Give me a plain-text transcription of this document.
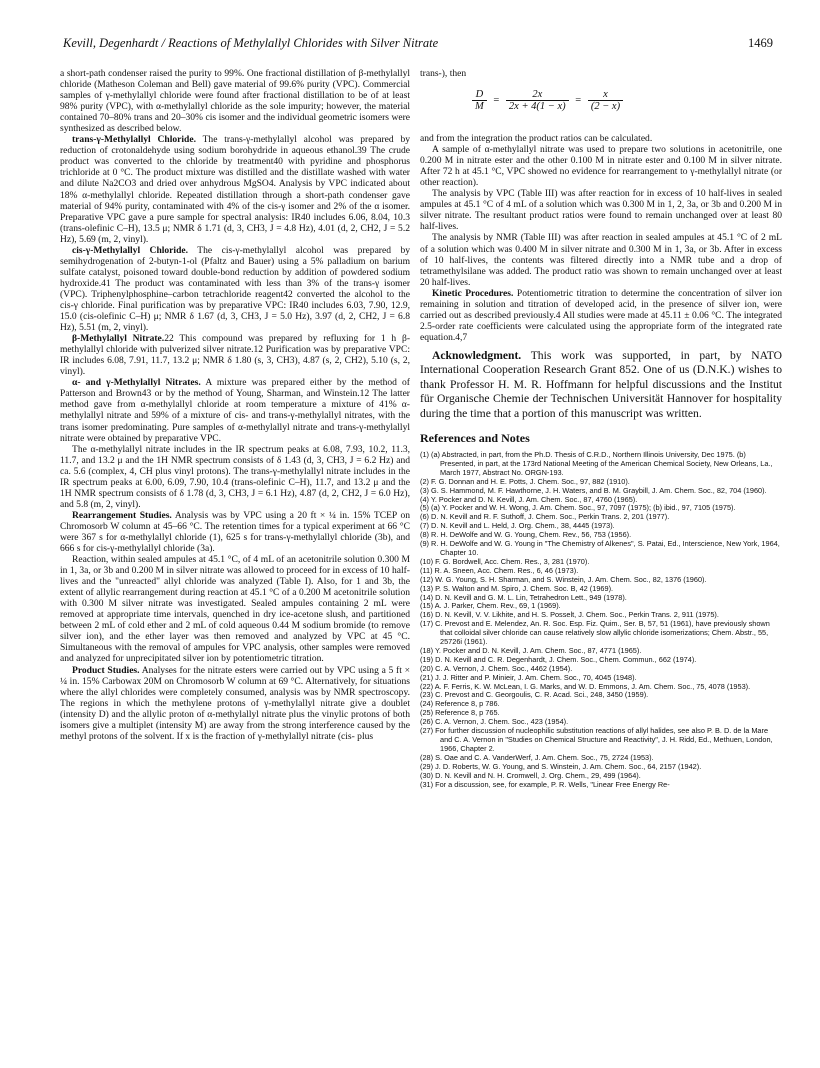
Kevill, Degenhardt / Reactions of Methylallyl Chlorides with Silver Nitrate	1469

a short-path condenser raised the purity to 99%. One fractional distillation of β-methylallyl chloride (Matheson Coleman and Bell) gave material of 99.6% purity (VPC). Commercial samples of γ-methylallyl chloride were found after fractional distillation to be of at least 98% purity (VPC), with α-methylallyl chloride as the sole impurity; however, the material contained 70–80% trans and 20–30% cis isomer and the individual geometric isomers were synthesized as described below.

trans-γ-Methylallyl Chloride. The trans-γ-methylallyl alcohol was prepared by reduction of crotonaldehyde using sodium borohydride in aqueous ethanol.39 The crude product was converted to the chloride by treatment40 with pyridine and phosphorus trichloride at 0 °C. The product mixture was distilled and the distillate washed with water and dilute Na2CO3 and dried over anhydrous MgSO4. Analysis by VPC indicated about 18% α-methylallyl chloride. Repeated distillation through a short-path condenser gave material of 94% purity, contaminated with 4% of the cis-γ isomer and 2% of the α isomer. Preparative VPC gave a pure sample for spectral analysis: IR40 includes 6.06, 8.04, 10.3 (trans-olefinic C–H), 13.5 μ; NMR δ 1.71 (d, 3, CH3, J = 4.8 Hz), 4.01 (d, 2, CH2, J = 5.2 Hz), 5.69 (m, 2, vinyl).

cis-γ-Methylallyl Chloride. The cis-γ-methylallyl alcohol was prepared by semihydrogenation of 2-butyn-1-ol (Pfaltz and Bauer) using a 5% palladium on barium sulfate catalyst, poisoned toward double-bond reduction by addition of powdered sodium hydroxide.41 The product was contaminated with less than 3% of the trans-γ isomer (VPC). Triphenylphosphine–carbon tetrachloride reagent42 converted the alcohol to the cis-γ chloride. Final purification was by preparative VPC: IR40 includes 6.03, 7.90, 12.9, 15.0 (cis-olefinic C–H) μ; NMR δ 1.67 (d, 3, CH3, J = 5.0 Hz), 3.97 (d, 2, CH2, J = 6.8 Hz), 5.51 (m, 2, vinyl).

β-Methylallyl Nitrate.22 This compound was prepared by refluxing for 1 h β-methylallyl chloride with pulverized silver nitrate.12 Purification was by preparative VPC: IR includes 6.08, 7.91, 11.7, 13.2 μ; NMR δ 1.80 (s, 3, CH3), 4.87 (s, 2, CH2), 5.10 (s, 2, vinyl).

α- and γ-Methylallyl Nitrates. A mixture was prepared either by the method of Patterson and Brown43 or by the method of Young, Sharman, and Winstein.12 The latter method gave from α-methylallyl chloride at room temperature a mixture of 41% α-methylallyl nitrate and 59% of a mixture of cis- and trans-γ-methylallyl nitrates, with the trans isomer predominating. Pure samples of α-methylallyl nitrate and trans-γ-methylallyl nitrate were obtained by preparative VPC.

The α-methylallyl nitrate includes in the IR spectrum peaks at 6.08, 7.93, 10.2, 11.3, 11.7, and 13.2 μ and the 1H NMR spectrum consists of δ 1.43 (d, 3, CH3, J = 6.2 Hz) and ca. 5.6 (complex, 4, CH plus vinyl protons). The trans-γ-methylallyl nitrate includes in the IR spectrum peaks at 6.00, 6.09, 7.90, 10.4 (trans-olefinic C–H), 11.7, and 13.2 μ and the 1H NMR spectrum consists of δ 1.78 (d, 3, CH3, J = 6.1 Hz), 4.87 (d, 2, CH2, J = 6.0 Hz), and 5.8 (m, 2, vinyl).

Rearrangement Studies. Analysis was by VPC using a 20 ft × ¼ in. 15% TCEP on Chromosorb W column at 45–66 °C. The retention times for a typical experiment at 66 °C were 367 s for α-methylallyl chloride (1), 625 s for trans-γ-methylallyl chloride (3b), and 666 s for cis-γ-methylallyl chloride (3a).

Reaction, within sealed ampules at 45.1 °C, of 4 mL of an acetonitrile solution 0.300 M in 1, 3a, or 3b and 0.200 M in silver nitrate was allowed to proceed for in excess of 10 half-lives and the "unreacted" allyl chloride was analyzed (Table I). Also, for 1 and 3b, the extent of allylic rearrangement during reaction at 45.1 °C of a 0.200 M acetonitrile solution with 0.300 M silver nitrate was investigated. Sealed ampules containing 2 mL were removed at appropriate time intervals, quenched in dry ice-acetone slush, and partitioned between 2 mL of cold ether and 2 mL of cold aqueous 0.44 M sodium bromide (to remove silver ion), and the ether layer was then removed and analyzed by VPC at 45 °C. Simultaneous with the removal of ampules for VPC analysis, other samples were removed and analyzed for unprecipitated silver ion by potentiometric titration.

Product Studies. Analyses for the nitrate esters were carried out by VPC using a 5 ft × ¼ in. 15% Carbowax 20M on Chromosorb W column at 69 °C. Alternatively, for situations where the allyl chlorides were completely consumed, analysis was by NMR spectroscopy. The regions in which the methylene protons of γ-methylallyl nitrate give a doublet (intensity D) and the allylic proton of α-methylallyl nitrate plus the vinylic protons of both isomers give a multiplet (intensity M) are away from the strong interference caused by the methyl protons of the solvent. If x is the fraction of γ-methylallyl nitrate (cis- plus

trans-), then

$\frac{D}{M} = \frac{2x}{2x + 4(1 - x)} = \frac{x}{(2 - x)}$

and from the integration the product ratios can be calculated.

A sample of α-methylallyl nitrate was used to prepare two solutions in acetonitrile, one 0.200 M in nitrate ester and the other 0.100 M in nitrate ester and 0.100 M in silver nitrate. After 72 h at 45.1 °C, VPC showed no evidence for rearrangement to γ-methylallyl nitrate (or other reaction).

The analysis by VPC (Table III) was after reaction for in excess of 10 half-lives in sealed ampules at 45.1 °C of 4 mL of a solution which was 0.300 M in 1, 2, 3a, or 3b and 0.200 M in silver nitrate. The resultant product ratios were found to remain unchanged over at least 80 half-lives.

The analysis by NMR (Table III) was after reaction in sealed ampules at 45.1 °C of 2 mL of a solution which was 0.400 M in silver nitrate and 0.300 M in 1, 3a, or 3b. After in excess of 10 half-lives, the contents was filtered directly into a NMR tube and a drop of tetramethylsilane was added. The product ratio was shown to remain unchanged over at least 20 half-lives.

Kinetic Procedures. Potentiometric titration to determine the concentration of silver ion remaining in solution and titration of developed acid, in the presence of silver ion, were carried out as described previously.4 All studies were made at 45.11 ± 0.06 °C. The integrated 2.5-order rate coefficients were calculated using the appropriate form of the integrated rate equation.4,7

Acknowledgment. This work was supported, in part, by NATO International Cooperation Research Grant 852. One of us (D.N.K.) wishes to thank Professor H. M. R. Hoffmann for helpful discussions and the Institut für Organische Chemie der Technischen Universität Hannover for hospitality during the time that a portion of this manuscript was written.

References and Notes

(1) (a) Abstracted, in part, from the Ph.D. Thesis of C.R.D., Northern Illinois University, Dec 1975. (b) Presented, in part, at the 173rd National Meeting of the American Chemical Society, New Orleans, La., March 1977, Abstract No. ORGN-193.
(2) F. G. Donnan and H. E. Potts, J. Chem. Soc., 97, 882 (1910).
(3) G. S. Hammond, M. F. Hawthorne, J. H. Waters, and B. M. Graybill, J. Am. Chem. Soc., 82, 704 (1960).
(4) Y. Pocker and D. N. Kevill, J. Am. Chem. Soc., 87, 4760 (1965).
(5) (a) Y. Pocker and W. H. Wong, J. Am. Chem. Soc., 97, 7097 (1975); (b) ibid., 97, 7105 (1975).
(6) D. N. Kevill and R. F. Suthoff, J. Chem. Soc., Perkin Trans. 2, 201 (1977).
(7) D. N. Kevill and L. Held, J. Org. Chem., 38, 4445 (1973).
(8) R. H. DeWolfe and W. G. Young, Chem. Rev., 56, 753 (1956).
(9) R. H. DeWolfe and W. G. Young in "The Chemistry of Alkenes", S. Patai, Ed., Interscience, New York, 1964, Chapter 10.
(10) F. G. Bordwell, Acc. Chem. Res., 3, 281 (1970).
(11) R. A. Sneen, Acc. Chem. Res., 6, 46 (1973).
(12) W. G. Young, S. H. Sharman, and S. Winstein, J. Am. Chem. Soc., 82, 1376 (1960).
(13) P. S. Walton and M. Spiro, J. Chem. Soc. B, 42 (1969).
(14) D. N. Kevill and G. M. L. Lin, Tetrahedron Lett., 949 (1978).
(15) A. J. Parker, Chem. Rev., 69, 1 (1969).
(16) D. N. Kevill, V. V. Likhite, and H. S. Posselt, J. Chem. Soc., Perkin Trans. 2, 911 (1975).
(17) C. Prevost and E. Melendez, An. R. Soc. Esp. Fiz. Quim., Ser. B, 57, 51 (1961), have previously shown that colloidal silver chloride can cause relatively slow allylic chloride isomerizations; Chem. Abstr., 55, 25726i (1961).
(18) Y. Pocker and D. N. Kevill, J. Am. Chem. Soc., 87, 4771 (1965).
(19) D. N. Kevill and C. R. Degenhardt, J. Chem. Soc., Chem. Commun., 662 (1974).
(20) C. A. Vernon, J. Chem. Soc., 4462 (1954).
(21) J. J. Ritter and P. Minieir, J. Am. Chem. Soc., 70, 4045 (1948).
(22) A. F. Ferris, K. W. McLean, I. G. Marks, and W. D. Emmons, J. Am. Chem. Soc., 75, 4078 (1953).
(23) C. Prevost and C. Georgoulis, C. R. Acad. Sci., 248, 3450 (1959).
(24) Reference 8, p 786.
(25) Reference 8, p 765.
(26) C. A. Vernon, J. Chem. Soc., 423 (1954).
(27) For further discussion of nucleophilic substitution reactions of allyl halides, see also P. B. D. de la Mare and C. A. Vernon in "Studies on Chemical Structure and Reactivity", J. H. Ridd, Ed., Methuen, London, 1966, Chapter 2.
(28) S. Oae and C. A. VanderWerf, J. Am. Chem. Soc., 75, 2724 (1953).
(29) J. D. Roberts, W. G. Young, and S. Winstein, J. Am. Chem. Soc., 64, 2157 (1942).
(30) D. N. Kevill and N. H. Cromwell, J. Org. Chem., 29, 499 (1964).
(31) For a discussion, see, for example, P. R. Wells, "Linear Free Energy Re-
